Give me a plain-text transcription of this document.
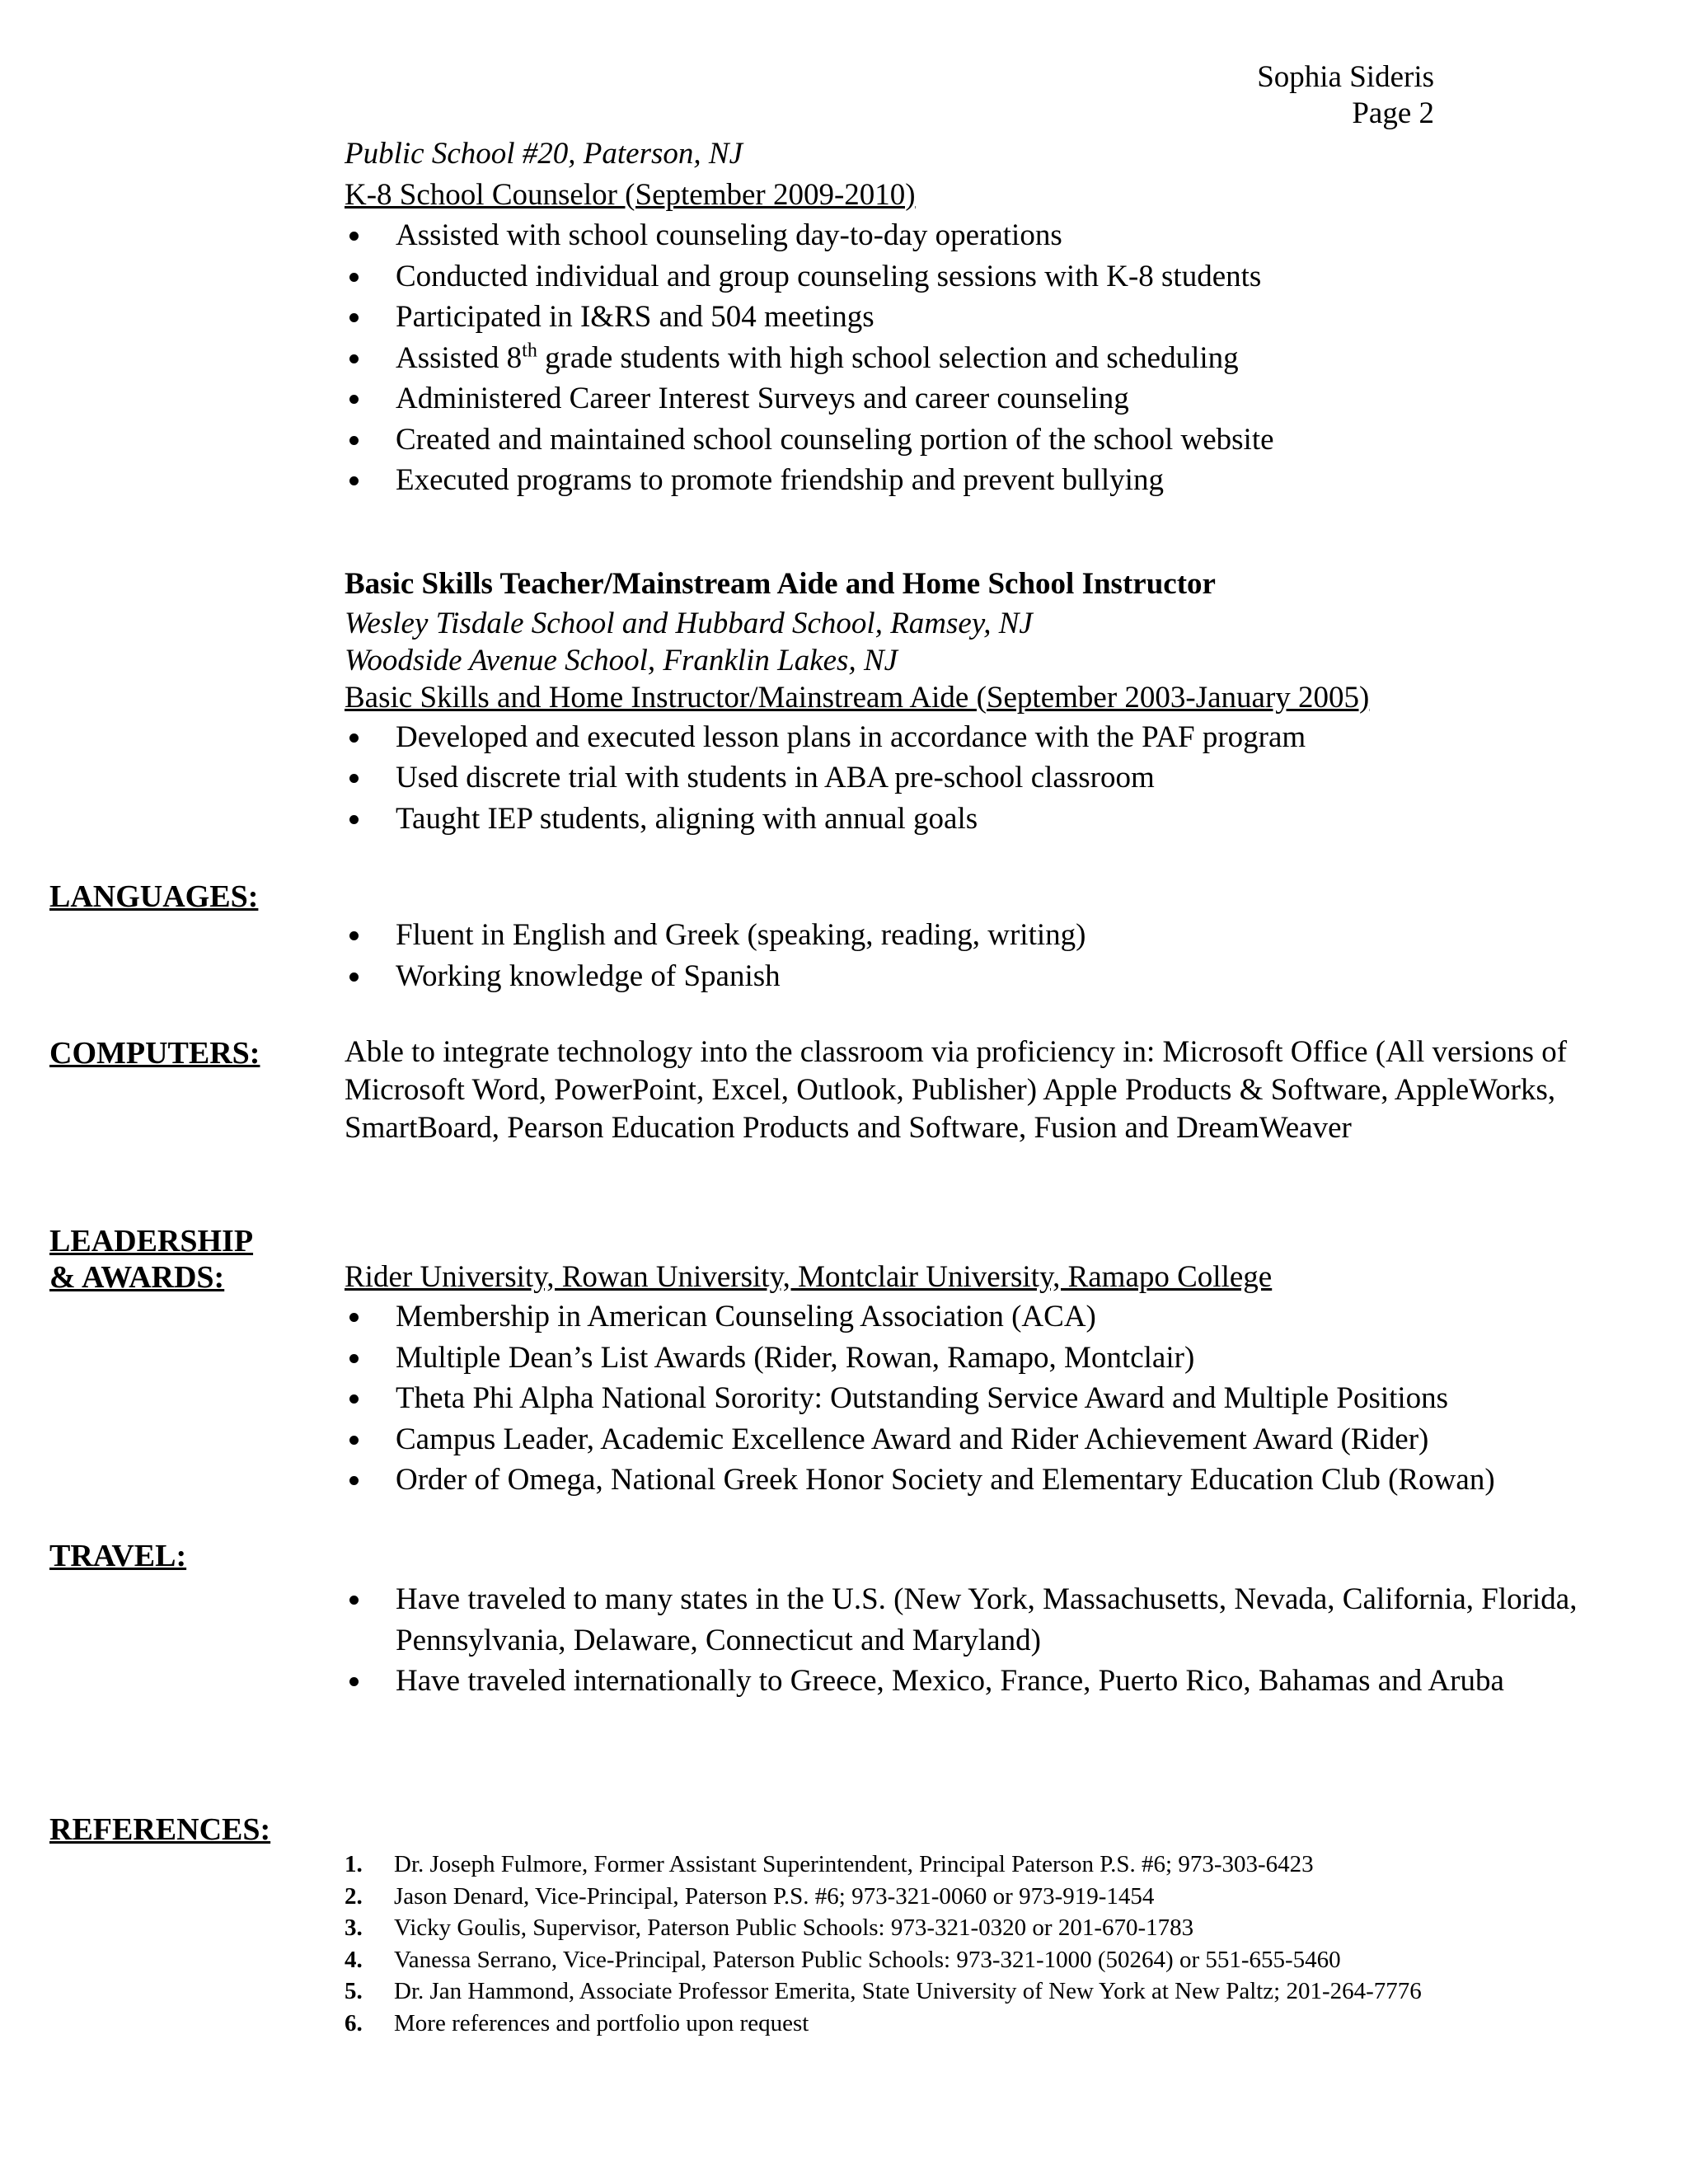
Sophia Sideris
Page 2
Public School #20, Paterson, NJ
K-8 School Counselor (September 2009-2010)
Assisted with school counseling day-to-day operations
Conducted individual and group counseling sessions with K-8 students
Participated in I&RS and 504 meetings
Assisted 8th grade students with high school selection and scheduling
Administered Career Interest Surveys and career counseling
Created and maintained school counseling portion of the school website
Executed programs to promote friendship and prevent bullying
Basic Skills Teacher/Mainstream Aide and Home School Instructor
Wesley Tisdale School and Hubbard School, Ramsey, NJ
Woodside Avenue School, Franklin Lakes, NJ
Basic Skills and Home Instructor/Mainstream Aide (September 2003-January 2005)
Developed and executed lesson plans in accordance with the PAF program
Used discrete trial with students in ABA pre-school classroom
Taught IEP students, aligning with annual goals
LANGUAGES:
Fluent in English and Greek (speaking, reading, writing)
Working knowledge of Spanish
COMPUTERS:	Able to integrate technology into the classroom via proficiency in: Microsoft Office (All versions of Microsoft Word, PowerPoint, Excel, Outlook, Publisher) Apple Products & Software, AppleWorks, SmartBoard, Pearson Education Products and Software, Fusion and DreamWeaver
LEADERSHIP
& AWARDS:	Rider University, Rowan University, Montclair University, Ramapo College
Membership in American Counseling Association (ACA)
Multiple Dean’s List Awards (Rider, Rowan, Ramapo, Montclair)
Theta Phi Alpha National Sorority: Outstanding Service Award and Multiple Positions
Campus Leader, Academic Excellence Award and Rider Achievement Award (Rider)
Order of Omega, National Greek Honor Society and Elementary Education Club (Rowan)
TRAVEL:
Have traveled to many states in the U.S. (New York, Massachusetts, Nevada, California, Florida, Pennsylvania, Delaware, Connecticut and Maryland)
Have traveled internationally to Greece, Mexico, France, Puerto Rico, Bahamas and Aruba
REFERENCES:
1. Dr. Joseph Fulmore, Former Assistant Superintendent, Principal Paterson P.S. #6; 973-303-6423
2. Jason Denard, Vice-Principal, Paterson P.S. #6; 973-321-0060 or 973-919-1454
3. Vicky Goulis, Supervisor, Paterson Public Schools: 973-321-0320 or 201-670-1783
4. Vanessa Serrano, Vice-Principal, Paterson Public Schools: 973-321-1000 (50264) or 551-655-5460
5. Dr. Jan Hammond, Associate Professor Emerita, State University of New York at New Paltz; 201-264-7776
6. More references and portfolio upon request
